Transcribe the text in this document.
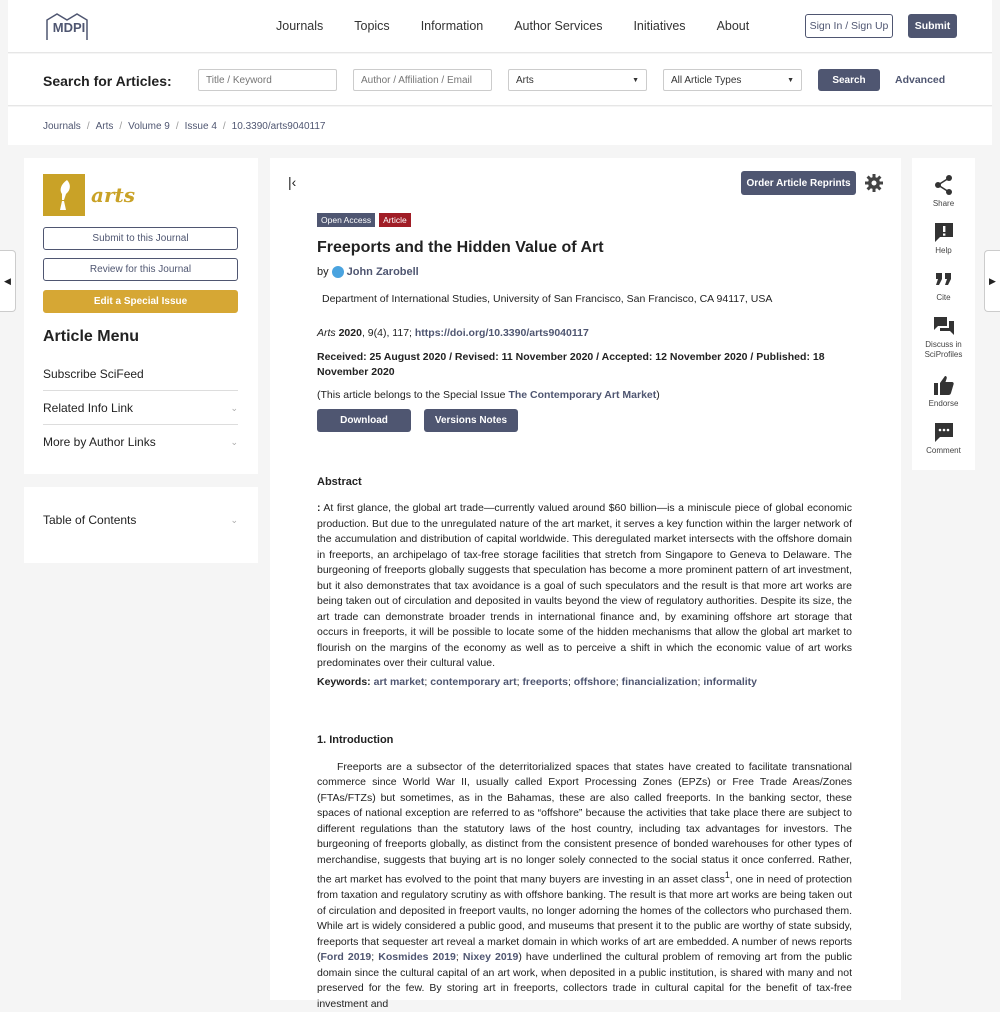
◀	▶
MDPI	Journals Topics Information Author Services Initiatives About	Sign In / Sign Up	Submit
Search for Articles:
Title / Keyword
Author / Affiliation / Email	Arts	▼	All Article Types	▼	Search	Advanced
Journals / Arts / Volume 9 / Issue 4 / 10.3390/arts9040117
arts
Submit to this Journal
Review for this Journal
Edit a Special Issue
Article Menu
Subscribe SciFeed
Related Info Link	⌄
More by Author Links	⌄
Table of Contents	⌄
|‹	Order Article Reprints
Open Access	Article
Freeports and the Hidden Value of Art
by John Zarobell
Department of International Studies, University of San Francisco, San Francisco, CA 94117, USA
Arts 2020, 9(4), 117; https://doi.org/10.3390/arts9040117
Received: 25 August 2020 / Revised: 11 November 2020 / Accepted: 12 November 2020 / Published: 18 November 2020
(This article belongs to the Special Issue The Contemporary Art Market)
Download	Versions Notes
Abstract

: At first glance, the global art trade—currently valued around $60 billion—is a miniscule piece of global economic production. But due to the unregulated nature of the art market, it serves a key function within the larger network of the accumulation and distribution of capital worldwide. This deregulated market intersects with the offshore domain in freeports, an archipelago of tax-free storage facilities that stretch from Singapore to Geneva to Delaware. The burgeoning of freeports globally suggests that speculation has become a more prominent pattern of art investment, but it also demonstrates that tax avoidance is a goal of such speculators and the result is that more art works are being taken out of circulation and deposited in vaults beyond the view of regulatory authorities. Despite its size, the art trade can demonstrate broader trends in international finance and, by examining offshore art storage that occurs in freeports, it will be possible to locate some of the hidden mechanisms that allow the global art market to flourish on the margins of the economy as well as to perceive a shift in which the economic value of art works predominates over their cultural value.

Keywords: art market; contemporary art; freeports; offshore; financialization; informality
1. Introduction

Freeports are a subsector of the deterritorialized spaces that states have created to facilitate transnational commerce since World War II, usually called Export Processing Zones (EPZs) or Free Trade Areas/Zones (FTAs/FTZs) but sometimes, as in the Bahamas, these are also called freeports. In the banking sector, these spaces of national exception are referred to as “offshore” because the activities that take place there are subject to different regulations than the statutory laws of the host country, including tax advantages for investors. The burgeoning of freeports globally, as distinct from the consistent presence of bonded warehouses for other types of merchandise, suggests that buying art is no longer solely connected to the social status it once conferred. Rather, the art market has evolved to the point that many buyers are investing in an asset class$^1$, one in need of protection from taxation and regulatory scrutiny as with offshore banking. The result is that more art works are being taken out of circulation and deposited in freeport vaults, no longer adorning the homes of the collectors who purchased them. While art is widely considered a public good, and museums that present it to the public are worthy of state subsidy, freeports that sequester art reveal a market domain in which works of art are embedded. A number of news reports (Ford 2019; Kosmides 2019; Nixey 2019) have underlined the cultural problem of removing art from the public domain since the cultural capital of an art work, when deposited in a public institution, is shared with many and not preserved for the few. By storing art in freeports, collectors trade in cultural capital for the benefit of tax-free investment and

Share
Help
Cite
Discuss in SciProfiles
Endorse
Comment
